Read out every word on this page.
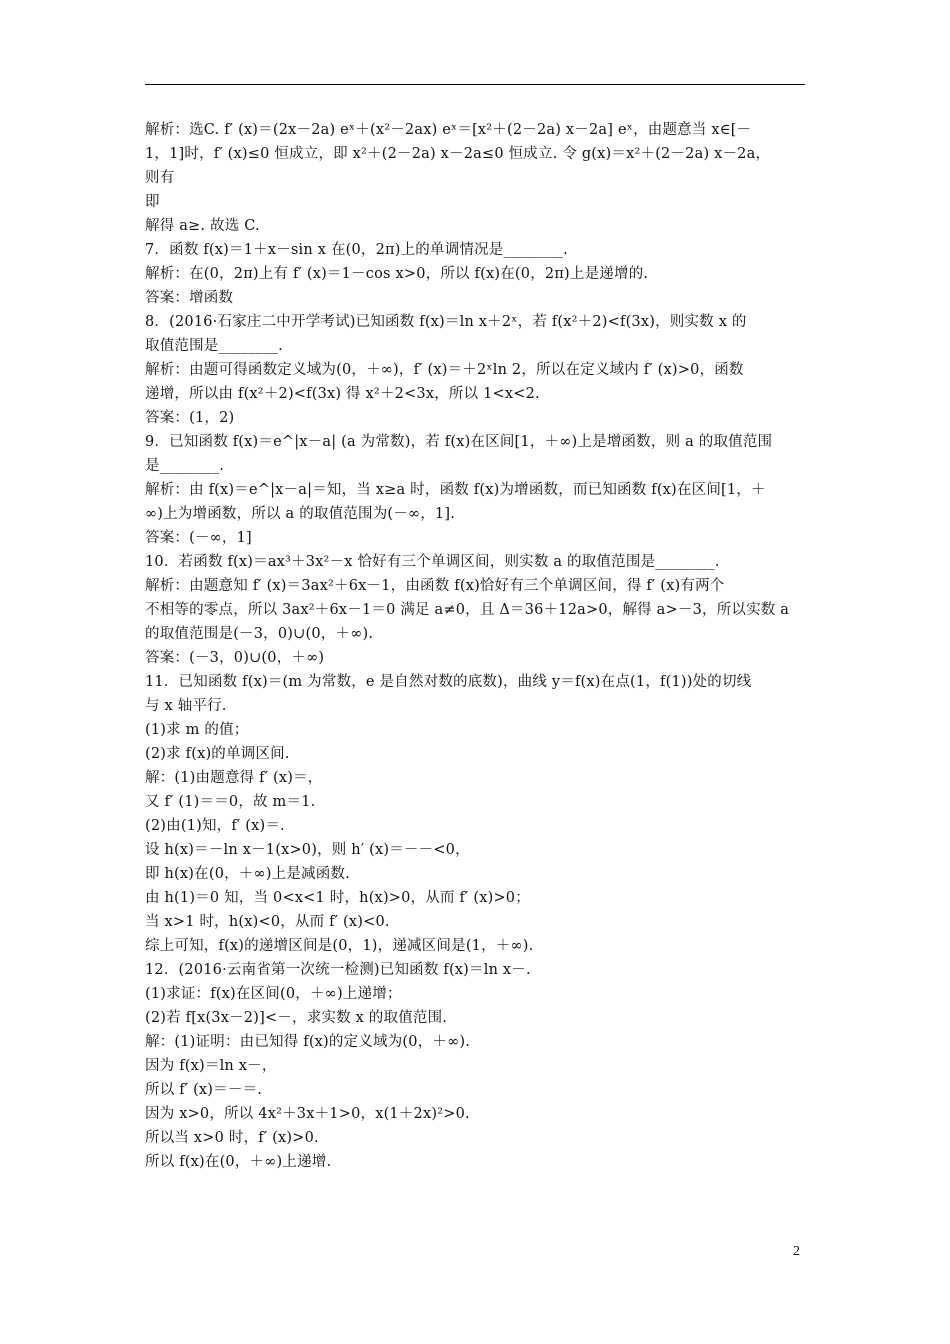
解析：选C. f′ (x)＝(2x－2a) eˣ＋(x²－2ax) eˣ＝[x²＋(2－2a) x－2a] eˣ，由题意当 x∈[－
1，1]时，f′ (x)≤0 恒成立，即 x²＋(2－2a) x－2a≤0 恒成立. 令 g(x)＝x²＋(2－2a) x－2a，
则有
即
解得 a≥. 故选 C.
7．函数 f(x)＝1＋x－sin x 在(0，2π)上的单调情况是________.
解析：在(0，2π)上有 f′ (x)＝1－cos x>0，所以 f(x)在(0，2π)上是递增的.
答案：增函数
8．(2016·石家庄二中开学考试)已知函数 f(x)＝ln x＋2ˣ，若 f(x²＋2)<f(3x)，则实数 x 的
取值范围是________.
解析：由题可得函数定义域为(0，＋∞)，f′ (x)＝＋2ˣln 2，所以在定义域内 f′ (x)>0，函数
递增，所以由 f(x²＋2)<f(3x) 得 x²＋2<3x，所以 1<x<2.
答案：(1，2)
9．已知函数 f(x)＝e^|x－a| (a 为常数)，若 f(x)在区间[1，＋∞)上是增函数，则 a 的取值范围
是________.
解析：由 f(x)＝e^|x－a|＝知，当 x≥a 时，函数 f(x)为增函数，而已知函数 f(x)在区间[1，＋
∞)上为增函数，所以 a 的取值范围为(－∞，1].
答案：(－∞，1]
10．若函数 f(x)＝ax³＋3x²－x 恰好有三个单调区间，则实数 a 的取值范围是________.
解析：由题意知 f′ (x)＝3ax²＋6x－1，由函数 f(x)恰好有三个单调区间，得 f′ (x)有两个
不相等的零点，所以 3ax²＋6x－1＝0 满足 a≠0，且 Δ＝36＋12a>0，解得 a>－3，所以实数 a
的取值范围是(－3，0)∪(0，＋∞).
答案：(－3，0)∪(0，＋∞)
11．已知函数 f(x)＝(m 为常数，e 是自然对数的底数)，曲线 y＝f(x)在点(1，f(1))处的切线
与 x 轴平行.
(1)求 m 的值；
(2)求 f(x)的单调区间.
解：(1)由题意得 f′ (x)＝，
又 f′ (1)＝＝0，故 m＝1.
(2)由(1)知，f′ (x)＝.
设 h(x)＝－ln x－1(x>0)，则 h′ (x)＝－－<0，
即 h(x)在(0，＋∞)上是减函数.
由 h(1)＝0 知，当 0<x<1 时，h(x)>0，从而 f′ (x)>0；
当 x>1 时，h(x)<0，从而 f′ (x)<0.
综上可知，f(x)的递增区间是(0，1)，递减区间是(1，＋∞).
12．(2016·云南省第一次统一检测)已知函数 f(x)＝ln x－.
(1)求证：f(x)在区间(0，＋∞)上递增；
(2)若 f[x(3x－2)]<－，求实数 x 的取值范围.
解：(1)证明：由已知得 f(x)的定义域为(0，＋∞).
因为 f(x)＝ln x－，
所以 f′ (x)＝－＝.
因为 x>0，所以 4x²＋3x＋1>0，x(1＋2x)²>0.
所以当 x>0 时，f′ (x)>0.
所以 f(x)在(0，＋∞)上递增.
2
